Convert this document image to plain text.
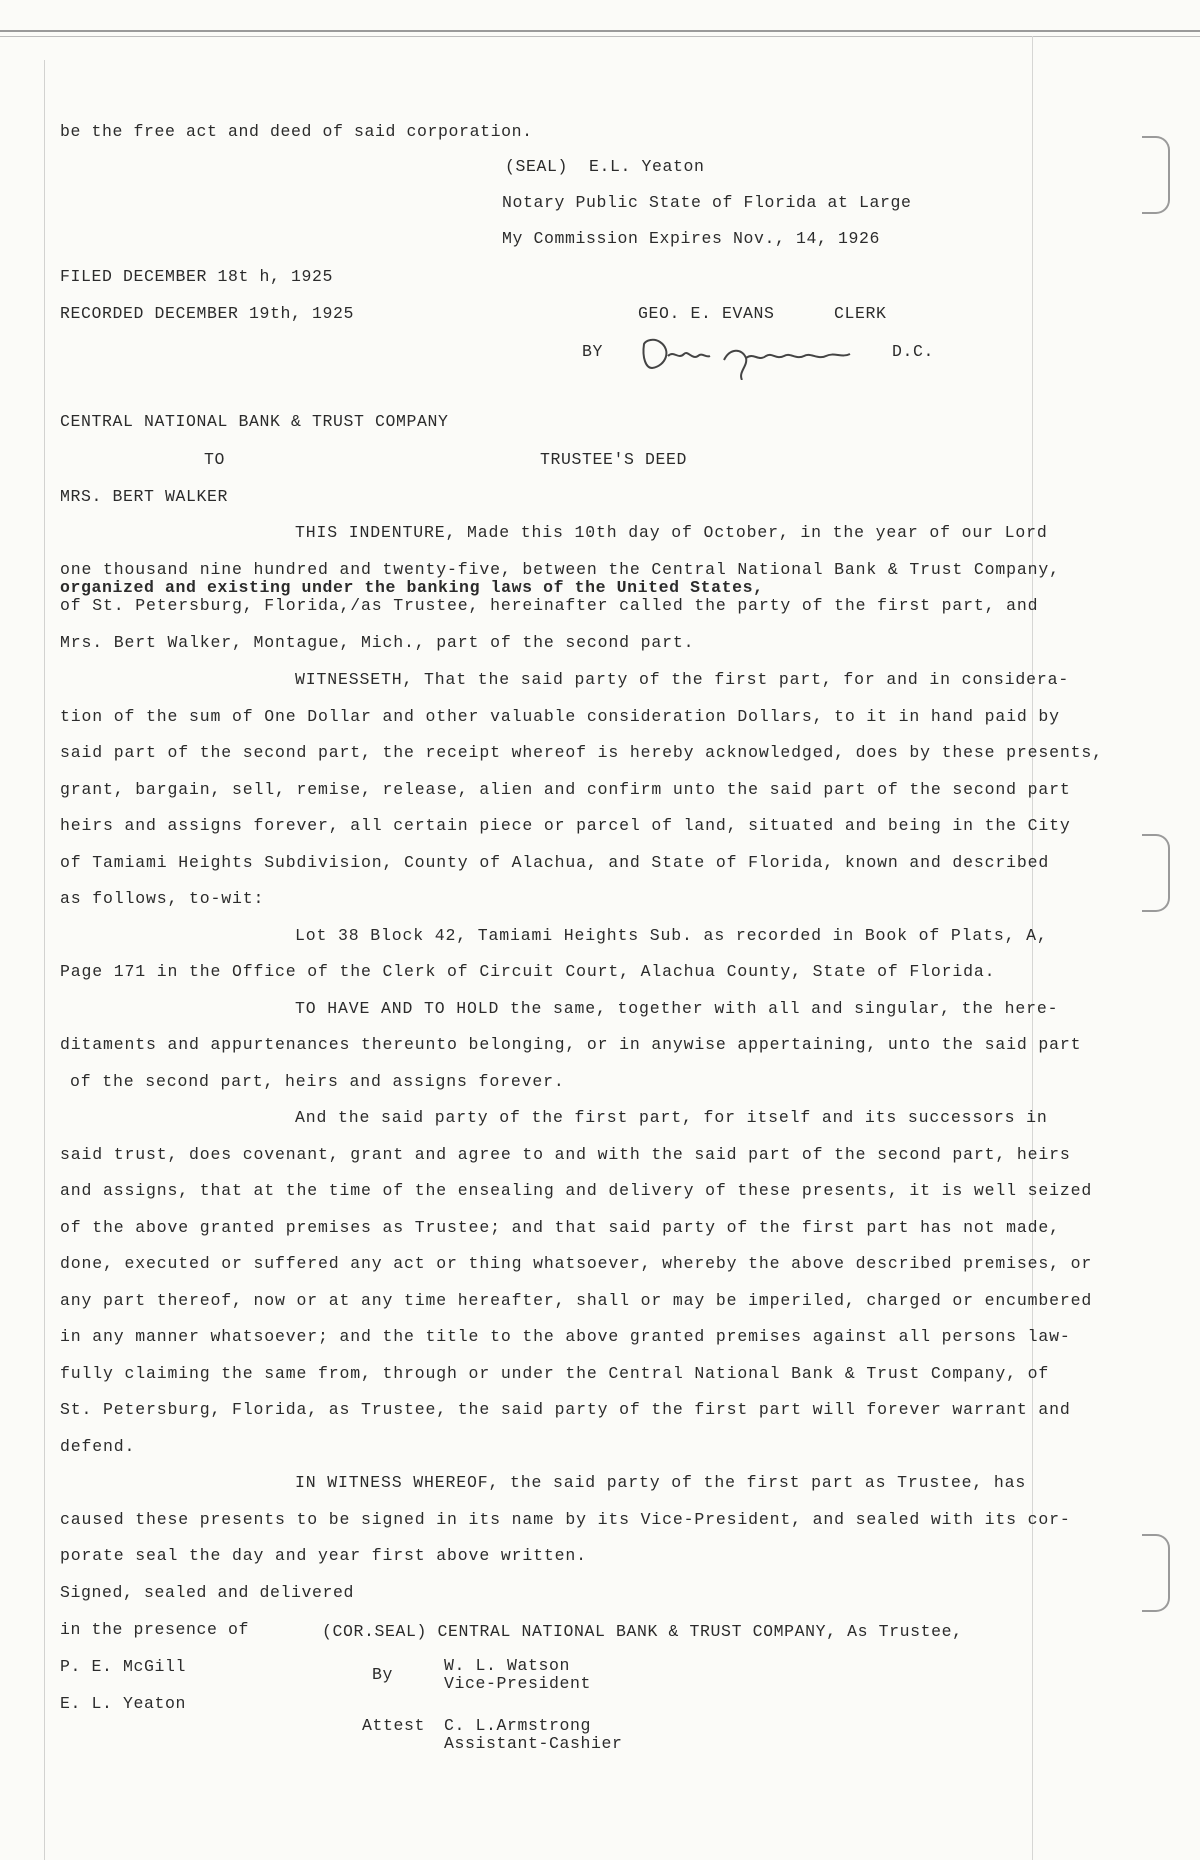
be the free act and deed of said corporation.
(SEAL)  E.L. Yeaton
Notary Public State of Florida at Large
My Commission Expires Nov., 14, 1926
FILED DECEMBER 18t h, 1925
RECORDED DECEMBER 19th, 1925	GEO. E. EVANS	CLERK
BY	D.C.
CENTRAL NATIONAL BANK & TRUST COMPANY
TO	TRUSTEE'S DEED
MRS. BERT WALKER
THIS INDENTURE, Made this 10th day of October, in the year of our Lord
one thousand nine hundred and twenty-five, between the Central National Bank & Trust Company,
organized and existing under the banking laws of the United States,
of St. Petersburg, Florida,/as Trustee, hereinafter called the party of the first part, and
Mrs. Bert Walker, Montague, Mich., part of the second part.
WITNESSETH, That the said party of the first part, for and in considera-
tion of the sum of One Dollar and other valuable consideration Dollars, to it in hand paid by
said part of the second part, the receipt whereof is hereby acknowledged, does by these presents,
grant, bargain, sell, remise, release, alien and confirm unto the said part of the second part
heirs and assigns forever, all certain piece or parcel of land, situated and being in the City
of Tamiami Heights Subdivision, County of Alachua, and State of Florida, known and described
as follows, to-wit:
Lot 38 Block 42, Tamiami Heights Sub. as recorded in Book of Plats, A,
Page 171 in the Office of the Clerk of Circuit Court, Alachua County, State of Florida.
TO HAVE AND TO HOLD the same, together with all and singular, the here-
ditaments and appurtenances thereunto belonging, or in anywise appertaining, unto the said part
of the second part, heirs and assigns forever.
And the said party of the first part, for itself and its successors in
said trust, does covenant, grant and agree to and with the said part of the second part, heirs
and assigns, that at the time of the ensealing and delivery of these presents, it is well seized
of the above granted premises as Trustee; and that said party of the first part has not made,
done, executed or suffered any act or thing whatsoever, whereby the above described premises, or
any part thereof, now or at any time hereafter, shall or may be imperiled, charged or encumbered
in any manner whatsoever; and the title to the above granted premises against all persons law-
fully claiming the same from, through or under the Central National Bank & Trust Company, of
St. Petersburg, Florida, as Trustee, the said party of the first part will forever warrant and
defend.
IN WITNESS WHEREOF, the said party of the first part as Trustee, has
caused these presents to be signed in its name by its Vice-President, and sealed with its cor-
porate seal the day and year first above written.
Signed, sealed and delivered
in the presence of	(COR.SEAL) CENTRAL NATIONAL BANK & TRUST COMPANY, As Trustee,
P. E. McGill	By	W. L. Watson
Vice-President
E. L. Yeaton
Attest C. L.Armstrong
Assistant-Cashier
